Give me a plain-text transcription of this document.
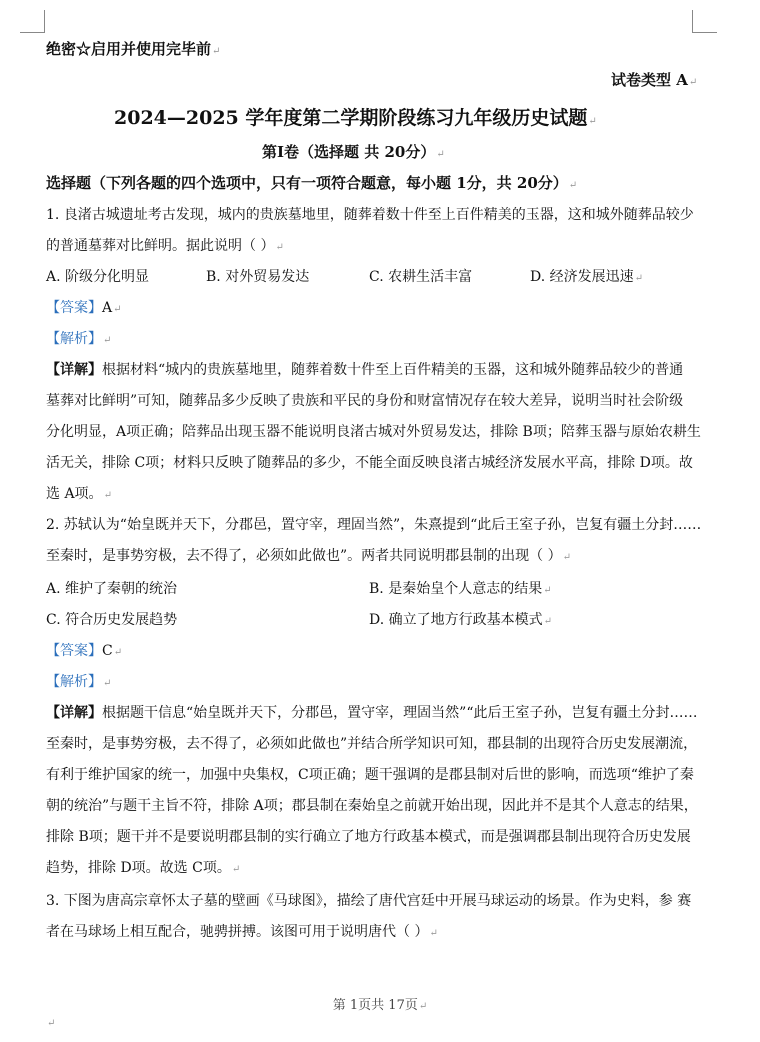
绝密☆启用并使用完毕前↵
试卷类型 A↵
2024—2025 学年度第二学期阶段练习九年级历史试题↵
第Ⅰ卷（选择题 共 20分）↵
选择题（下列各题的四个选项中，只有一项符合题意，每小题 1分，共 20分）↵
1. 良渚古城遗址考古发现，城内的贵族墓地里，随葬着数十件至上百件精美的玉器，这和城外随葬品较少
的普通墓葬对比鲜明。据此说明（ ）↵
A. 阶级分化明显	B. 对外贸易发达	C. 农耕生活丰富	D. 经济发展迅速↵
【答案】A↵
【解析】↵
【详解】根据材料“城内的贵族墓地里，随葬着数十件至上百件精美的玉器，这和城外随葬品较少的普通
墓葬对比鲜明”可知，随葬品多少反映了贵族和平民的身份和财富情况存在较大差异，说明当时社会阶级
分化明显，A项正确；陪葬品出现玉器不能说明良渚古城对外贸易发达，排除 B项；陪葬玉器与原始农耕生
活无关，排除 C项；材料只反映了随葬品的多少，不能全面反映良渚古城经济发展水平高，排除 D项。故
选 A项。↵
2. 苏轼认为“始皇既并天下，分郡邑，置守宰，理固当然”，朱熹提到“此后王室子孙，岂复有疆土分封……
至秦时，是事势穷极，去不得了，必须如此做也”。两者共同说明郡县制的出现（ ）↵
A. 维护了秦朝的统治	B. 是秦始皇个人意志的结果↵
C. 符合历史发展趋势	D. 确立了地方行政基本模式↵
【答案】C↵
【解析】↵
【详解】根据题干信息“始皇既并天下，分郡邑，置守宰，理固当然”“此后王室子孙，岂复有疆土分封……
至秦时，是事势穷极，去不得了，必须如此做也”并结合所学知识可知，郡县制的出现符合历史发展潮流，
有利于维护国家的统一，加强中央集权，C项正确；题干强调的是郡县制对后世的影响，而选项“维护了秦
朝的统治”与题干主旨不符，排除 A项；郡县制在秦始皇之前就开始出现，因此并不是其个人意志的结果，
排除 B项；题干并不是要说明郡县制的实行确立了地方行政基本模式，而是强调郡县制出现符合历史发展
趋势，排除 D项。故选 C项。↵
3. 下图为唐高宗章怀太子墓的壁画《马球图》，描绘了唐代宫廷中开展马球运动的场景。作为史料，参 赛
者在马球场上相互配合，驰骋拼搏。该图可用于说明唐代（ ）↵
第 1页共 17页↵
↵
